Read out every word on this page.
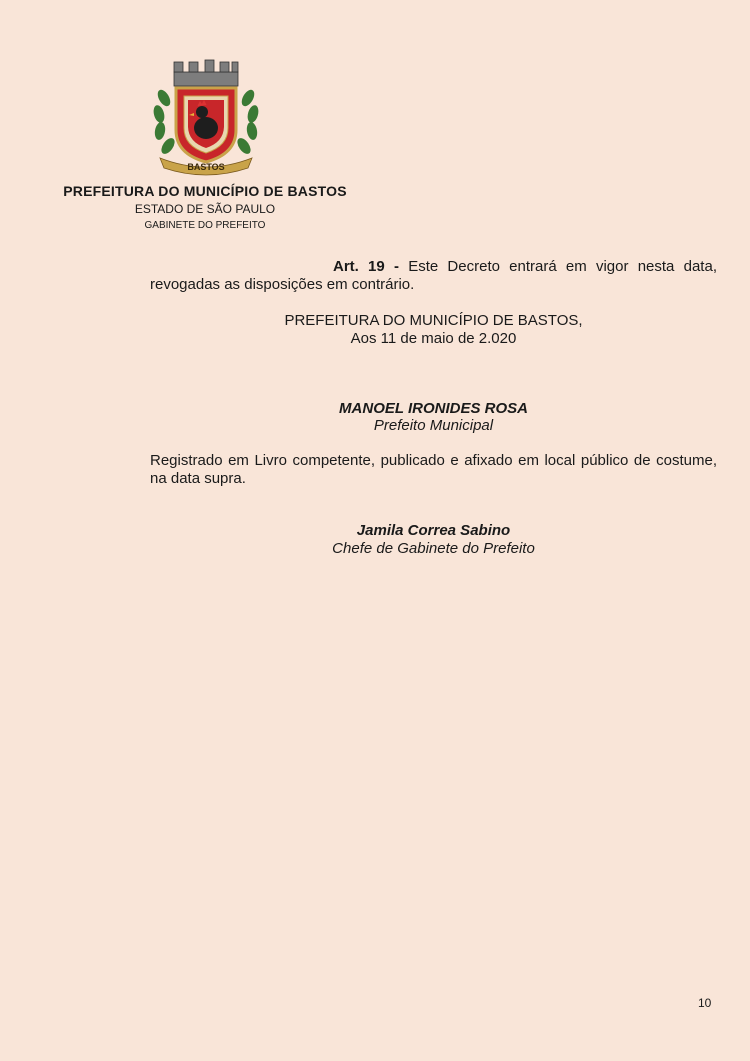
BASTOS
PREFEITURA DO MUNICÍPIO DE BASTOS
ESTADO DE SÃO PAULO
GABINETE DO PREFEITO
Art. 19 - Este Decreto entrará em vigor nesta data, revogadas as disposições em contrário.
PREFEITURA DO MUNICÍPIO DE BASTOS,
Aos 11 de maio de 2.020
MANOEL IRONIDES ROSA
Prefeito Municipal
Registrado em Livro competente, publicado e afixado em local público de costume, na data supra.
Jamila Correa Sabino
Chefe de Gabinete do Prefeito
10
